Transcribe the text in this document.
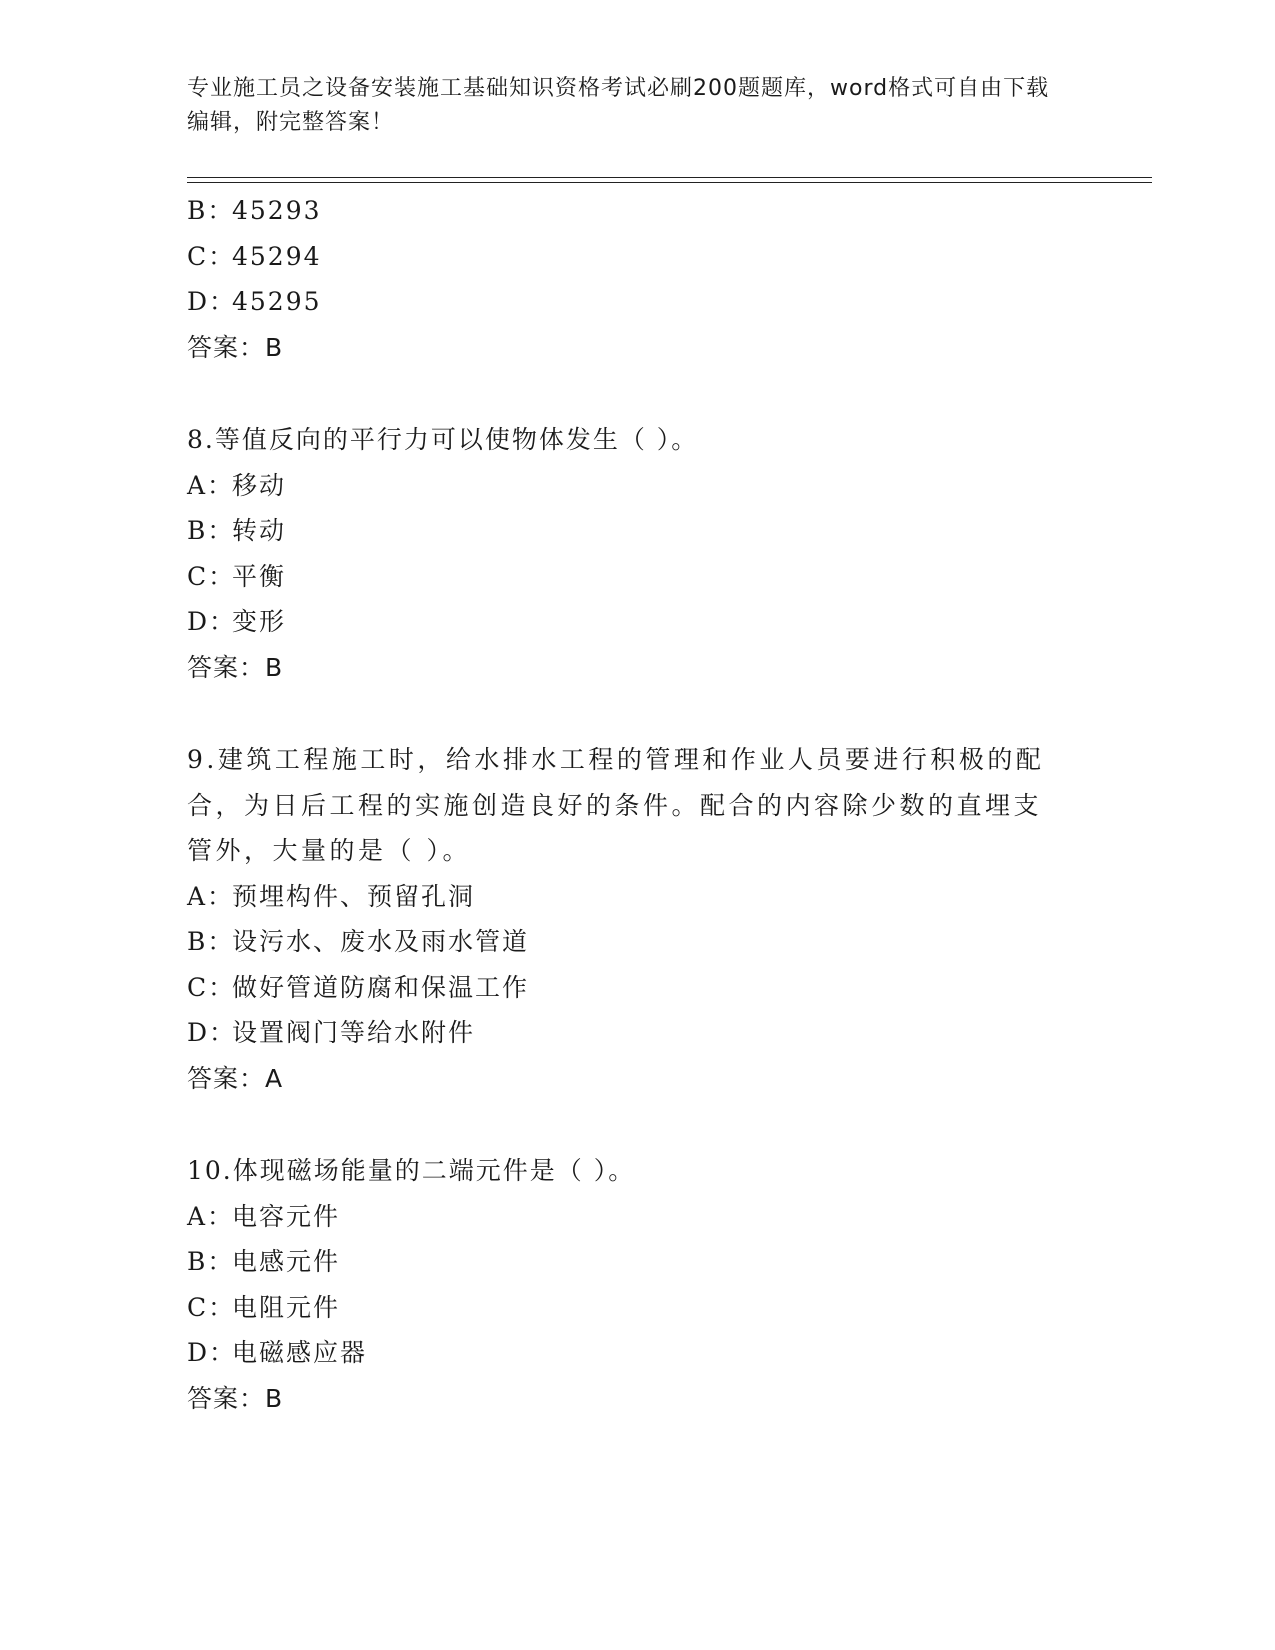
专业施工员之设备安装施工基础知识资格考试必刷200题题库，word格式可自由下载编辑，附完整答案！
B：45293
C：45294
D：45295
答案：B
8.等值反向的平行力可以使物体发生（ ）。
A：移动
B：转动
C：平衡
D：变形
答案：B
9.建筑工程施工时，给水排水工程的管理和作业人员要进行积极的配合，为日后工程的实施创造良好的条件。配合的内容除少数的直埋支管外，大量的是（ ）。
A：预埋构件、预留孔洞
B：设污水、废水及雨水管道
C：做好管道防腐和保温工作
D：设置阀门等给水附件
答案：A
10.体现磁场能量的二端元件是（ ）。
A：电容元件
B：电感元件
C：电阻元件
D：电磁感应器
答案：B
